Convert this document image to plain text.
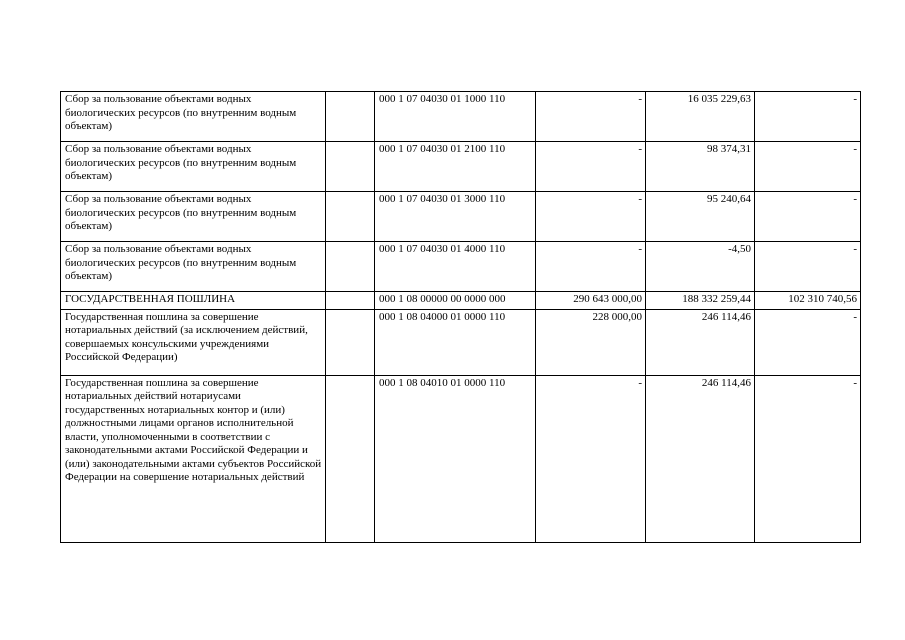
Сбор за пользование объектами водных биологических ресурсов (по внутренним водным объектам)		000 1 07 04030 01 1000 110	-	16 035 229,63	-
Сбор за пользование объектами водных биологических ресурсов (по внутренним водным объектам)		000 1 07 04030 01 2100 110	-	98 374,31	-
Сбор за пользование объектами водных биологических ресурсов (по внутренним водным объектам)		000 1 07 04030 01 3000 110	-	95 240,64	-
Сбор за пользование объектами водных биологических ресурсов (по внутренним водным объектам)		000 1 07 04030 01 4000 110	-	-4,50	-
ГОСУДАРСТВЕННАЯ ПОШЛИНА		000 1 08 00000 00 0000 000	290 643 000,00	188 332 259,44	102 310 740,56
Государственная пошлина за совершение нотариальных действий (за исключением действий, совершаемых консульскими учреждениями Российской Федерации)		000 1 08 04000 01 0000 110	228 000,00	246 114,46	-
Государственная пошлина за совершение нотариальных действий нотариусами государственных нотариальных контор и (или) должностными лицами органов исполнительной власти, уполномоченными в соответствии с законодательными актами Российской Федерации и (или) законодательными актами субъектов Российской Федерации на совершение нотариальных действий		000 1 08 04010 01 0000 110	-	246 114,46	-
